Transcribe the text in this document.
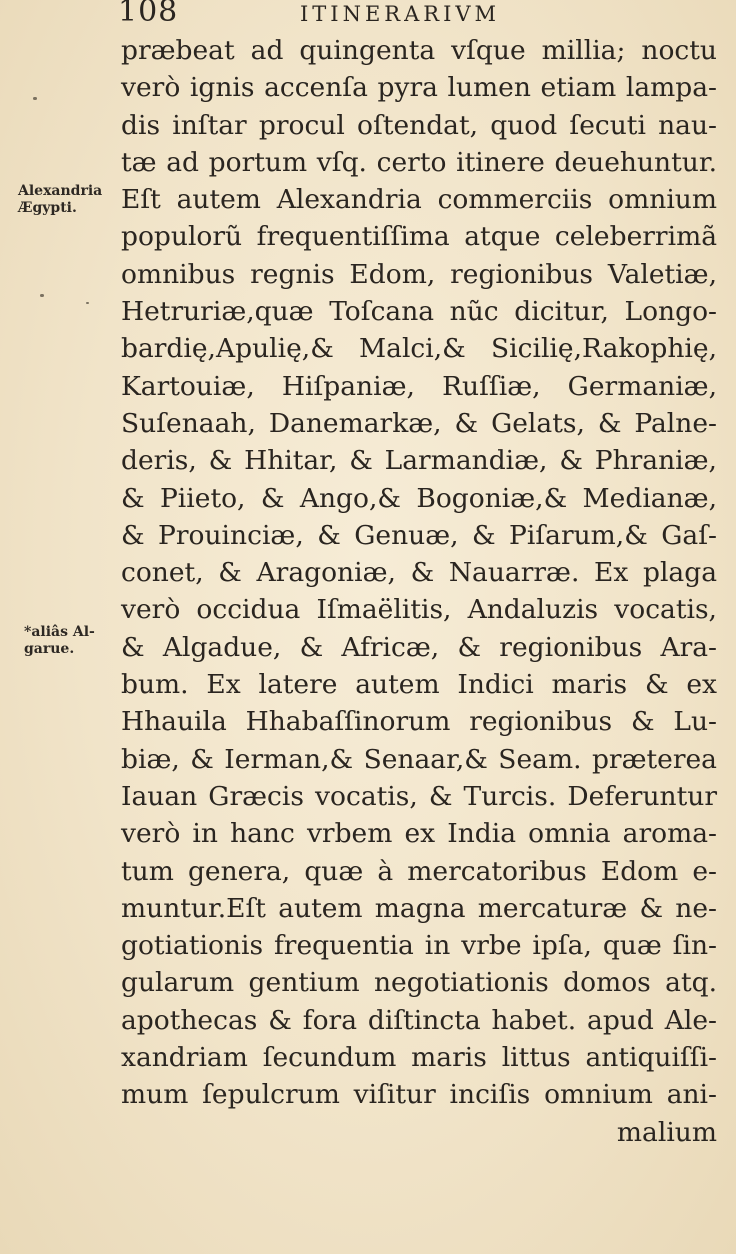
108	ITINERARIVM
Alexandria
Ægypti.
*aliâs Al-
garue.
præbeat ad quingenta vſque millia; noctu
verò ignis accenſa pyra lumen etiam lampa-
dis inſtar procul oſtendat, quod ſecuti nau-
tæ ad portum vſq. certo itinere deuehuntur.
Eſt autem Alexandria commerciis omnium
populorũ frequentiſſima atque celeberrimã
omnibus regnis Edom, regionibus Valetiæ,
Hetruriæ,quæ Toſcana nũc dicitur, Longo-
bardię,Apulię,& Malci,& Sicilię,Rakophię,
Kartouiæ, Hiſpaniæ, Ruſſiæ, Germaniæ,
Suſenaah, Danemarkæ, & Gelats, & Palne-
deris, & Hhitar, & Larmandiæ, & Phraniæ,
& Piieto, & Ango,& Bogoniæ,& Medianæ,
& Prouinciæ, & Genuæ, & Piſarum,& Gaſ-
conet, & Aragoniæ, & Nauarræ. Ex plaga
verò occidua Iſmaëlitis, Andaluzis vocatis,
& Algadue, & Africæ, & regionibus Ara-
bum. Ex latere autem Indici maris & ex
Hhauila Hhabaſſinorum regionibus & Lu-
biæ, & Ierman,& Senaar,& Seam. præterea
Iauan Græcis vocatis, & Turcis. Deferuntur
verò in hanc vrbem ex India omnia aroma-
tum genera, quæ à mercatoribus Edom e-
muntur.Eſt autem magna mercaturæ & ne-
gotiationis frequentia in vrbe ipſa, quæ ſin-
gularum gentium negotiationis domos atq.
apothecas & fora diſtincta habet. apud Ale-
xandriam ſecundum maris littus antiquiſſi-
mum ſepulcrum viſitur inciſis omnium ani-
malium
